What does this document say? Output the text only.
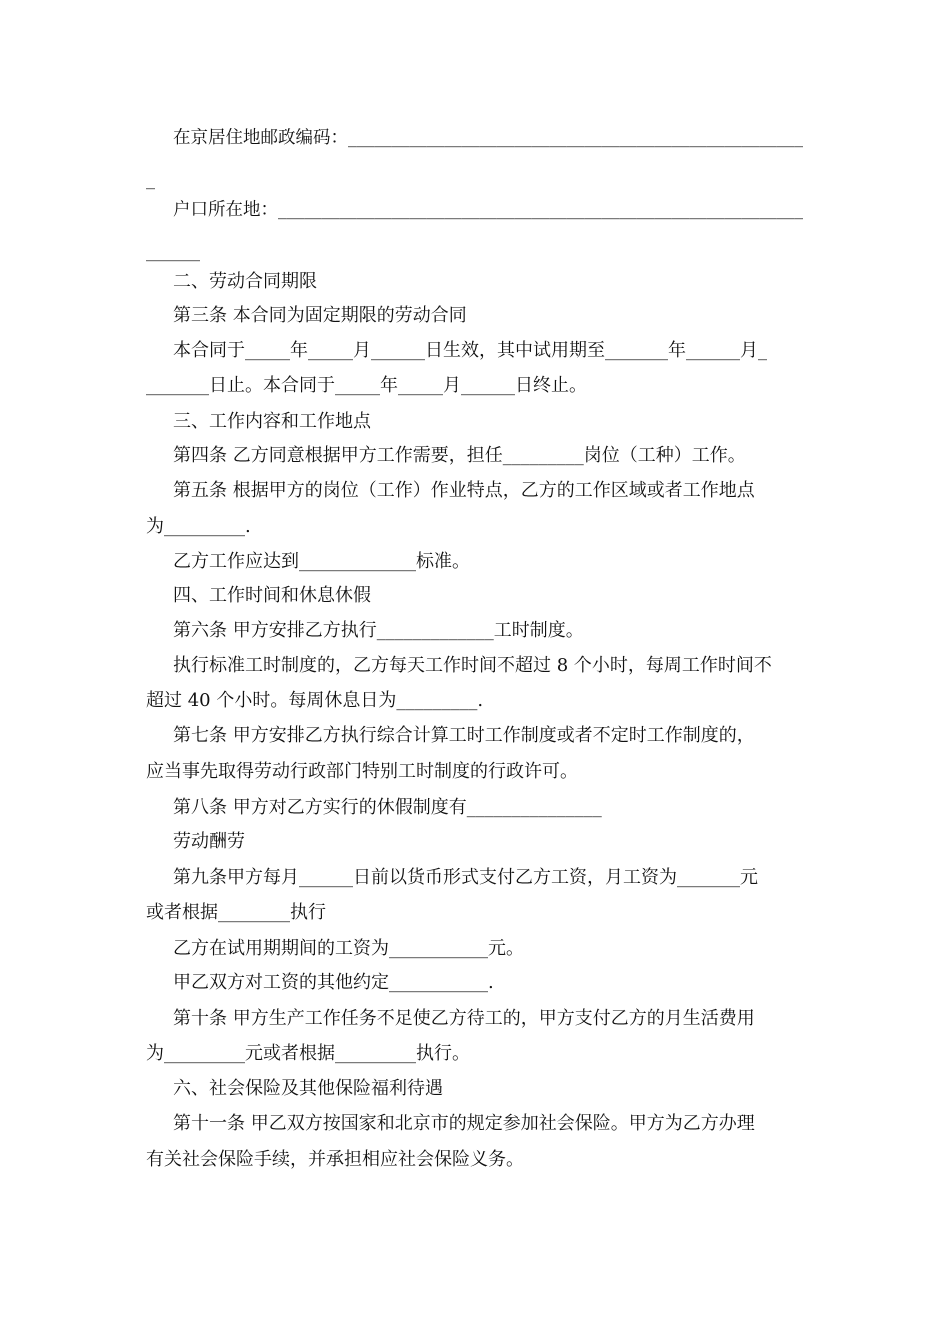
在京居住地邮政编码：____________________________________________________
_
户口所在地：____________________________________________________________
______
二、劳动合同期限
第三条 本合同为固定期限的劳动合同
本合同于_____年_____月______日生效，其中试用期至_______年______月_
_______日止。本合同于_____年_____月______日终止。
三、工作内容和工作地点
第四条 乙方同意根据甲方工作需要，担任_________岗位（工种）工作。
第五条 根据甲方的岗位（工作）作业特点，乙方的工作区域或者工作地点
为_________.
乙方工作应达到_____________标准。
四、工作时间和休息休假
第六条 甲方安排乙方执行_____________工时制度。
执行标准工时制度的，乙方每天工作时间不超过 8 个小时，每周工作时间不
超过 40 个小时。每周休息日为_________.
第七条 甲方安排乙方执行综合计算工时工作制度或者不定时工作制度的，
应当事先取得劳动行政部门特别工时制度的行政许可。
第八条 甲方对乙方实行的休假制度有_______________
劳动酬劳
第九条甲方每月______日前以货币形式支付乙方工资，月工资为_______元
或者根据________执行
乙方在试用期期间的工资为___________元。
甲乙双方对工资的其他约定___________.
第十条 甲方生产工作任务不足使乙方待工的，甲方支付乙方的月生活费用
为_________元或者根据_________执行。
六、社会保险及其他保险福利待遇
第十一条 甲乙双方按国家和北京市的规定参加社会保险。甲方为乙方办理
有关社会保险手续，并承担相应社会保险义务。
